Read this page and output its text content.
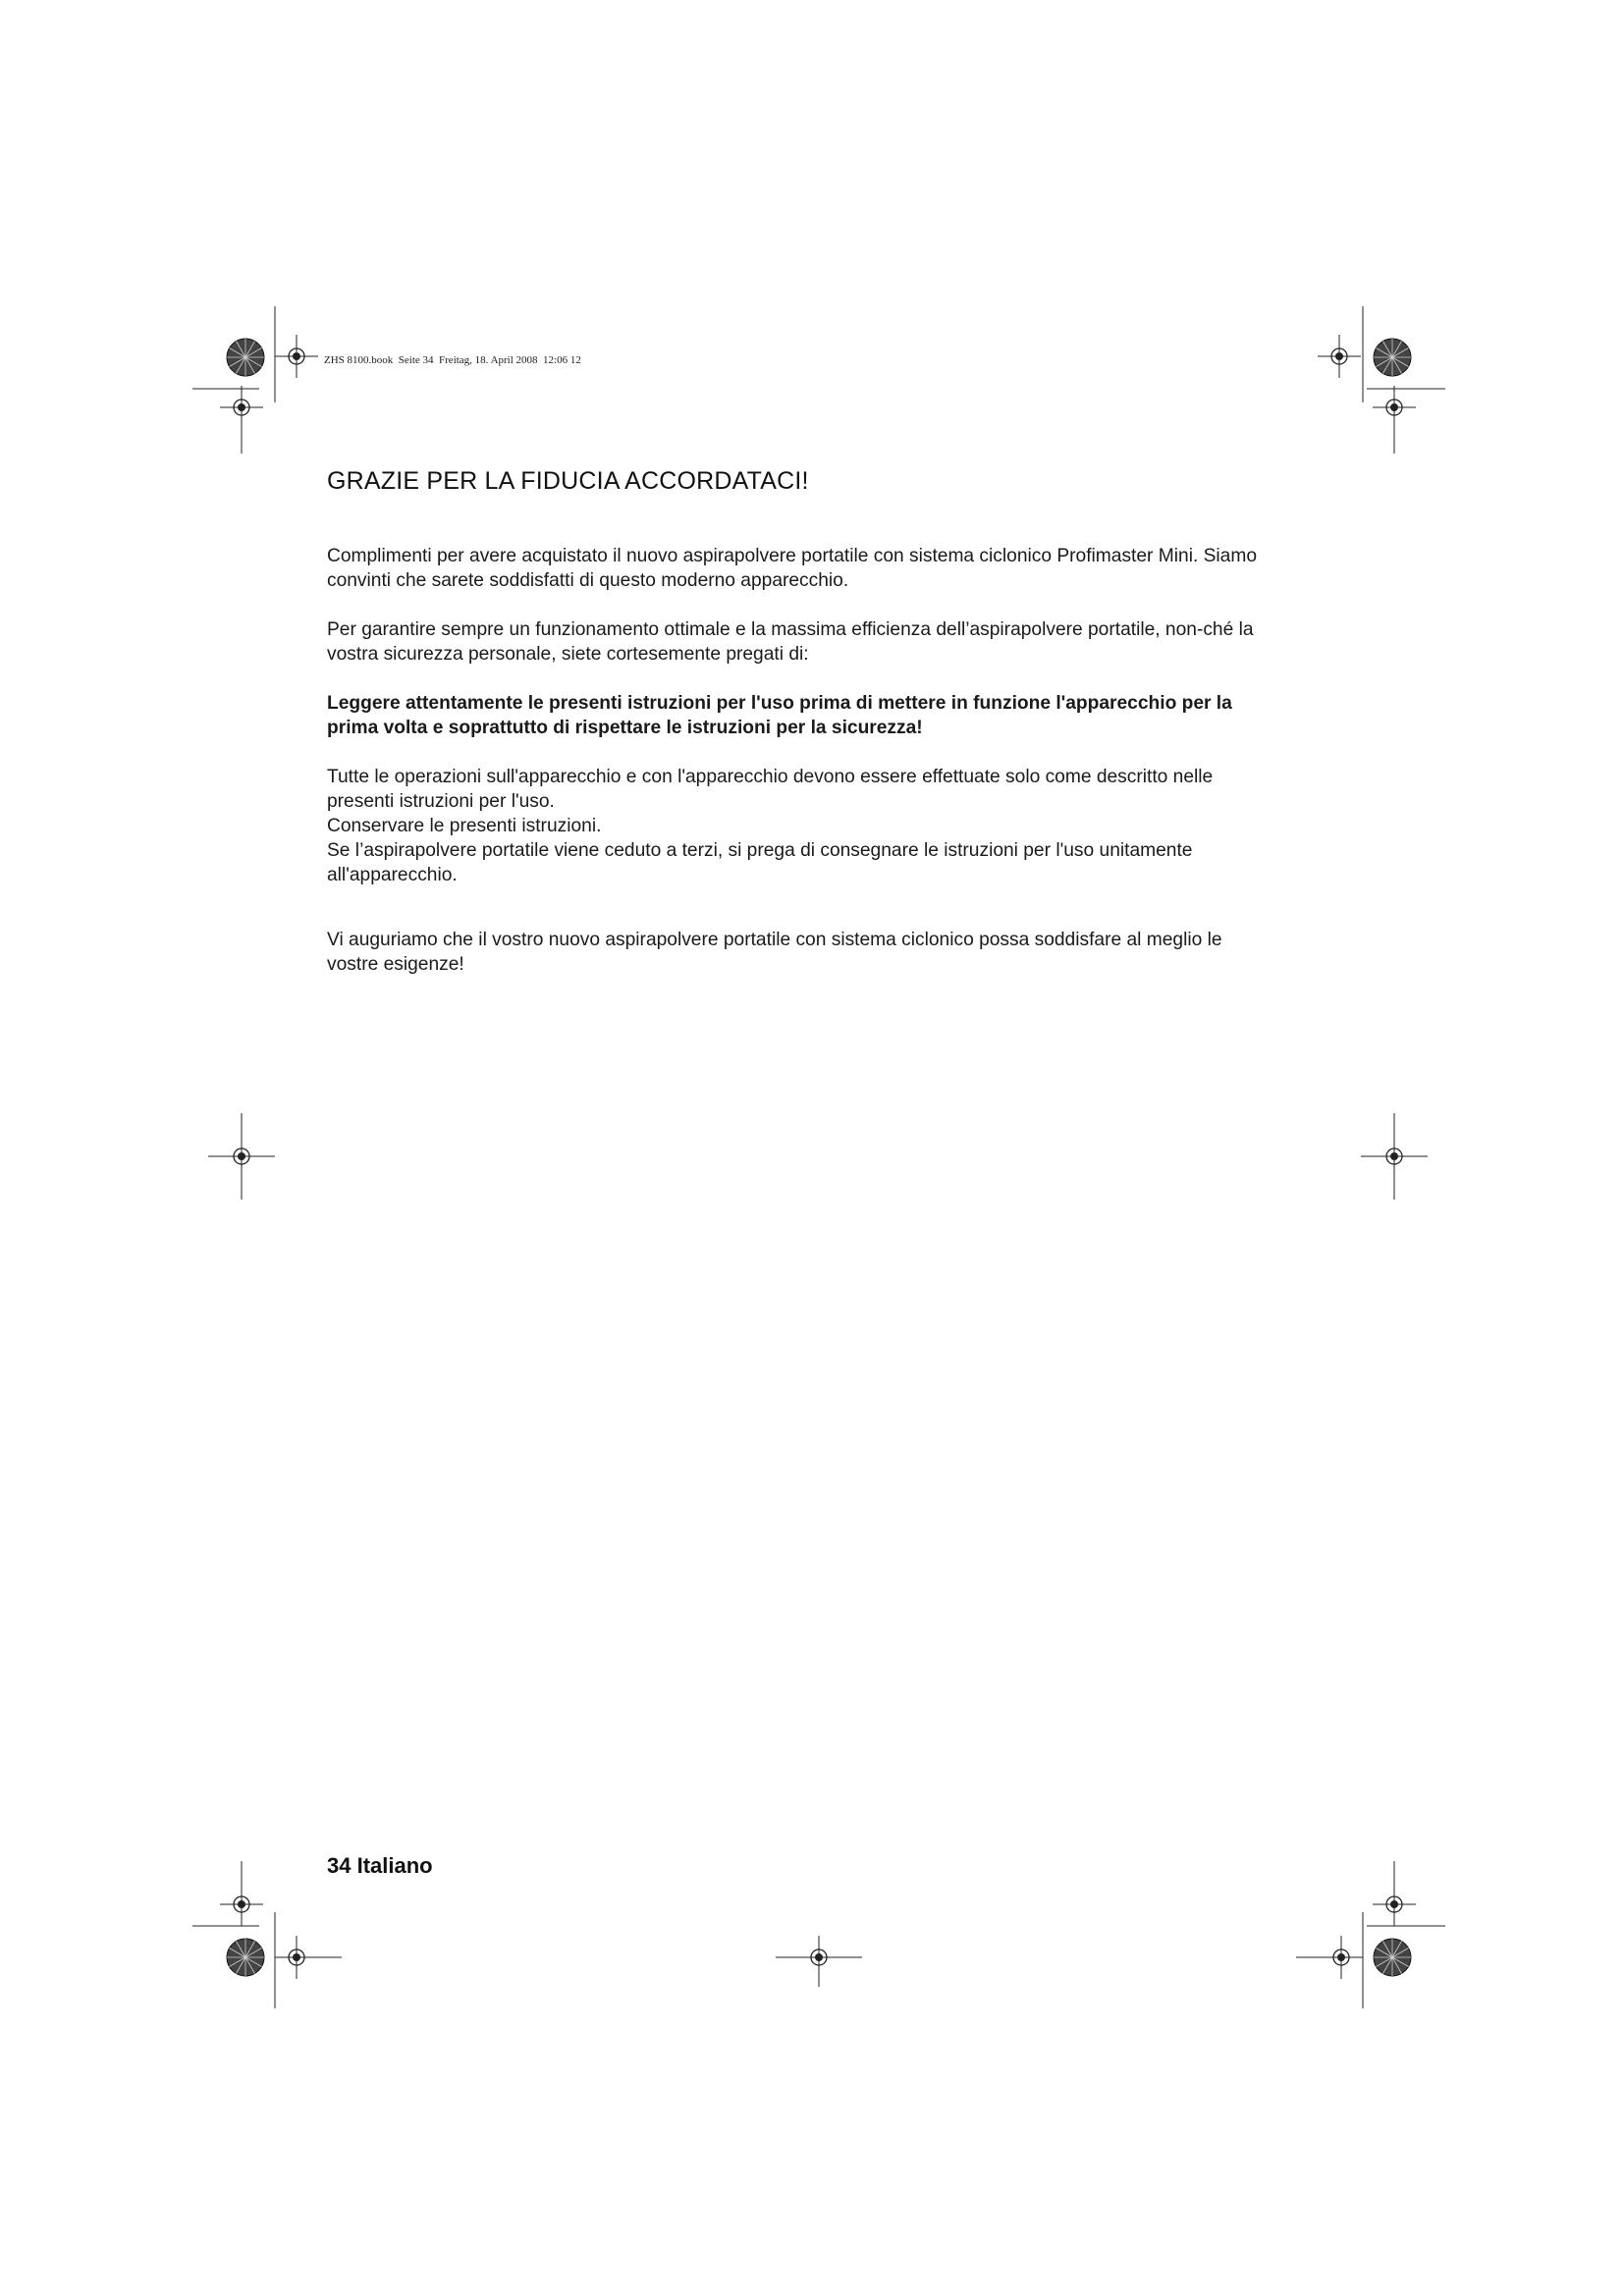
ZHS 8100.book  Seite 34  Freitag, 18. April 2008  12:06 12
GRAZIE PER LA FIDUCIA ACCORDATACI!

Complimenti per avere acquistato il nuovo aspirapolvere portatile con sistema ciclonico Profimaster Mini. Siamo convinti che sarete soddisfatti di questo moderno apparecchio.

Per garantire sempre un funzionamento ottimale e la massima efficienza dell’aspirapolvere portatile, non-ché la vostra sicurezza personale, siete cortesemente pregati di:

Leggere attentamente le presenti istruzioni per l'uso prima di mettere in funzione l'apparecchio per la prima volta e soprattutto di rispettare le istruzioni per la sicurezza!

Tutte le operazioni sull'apparecchio e con l'apparecchio devono essere effettuate solo come descritto nelle presenti istruzioni per l'uso.
Conservare le presenti istruzioni.
Se l’aspirapolvere portatile viene ceduto a terzi, si prega di consegnare le istruzioni per l'uso unitamente all'apparecchio.

Vi auguriamo che il vostro nuovo aspirapolvere portatile con sistema ciclonico possa soddisfare al meglio le vostre esigenze!

34 Italiano
